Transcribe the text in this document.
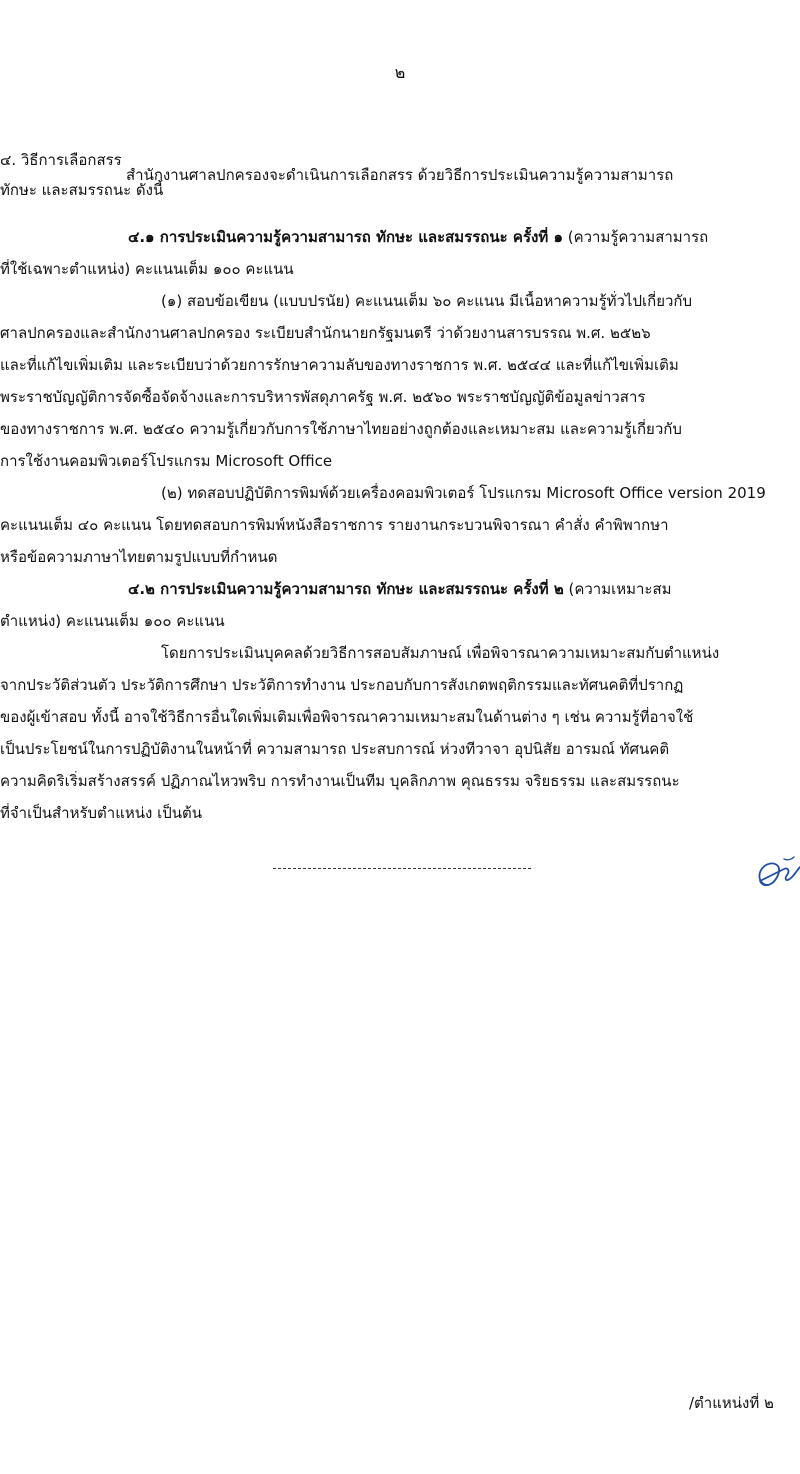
๒
๔. วิธีการเลือกสรร
สำนักงานศาลปกครองจะดำเนินการเลือกสรร ด้วยวิธีการประเมินความรู้ความสามารถ
ทักษะ และสมรรถนะ ดังนี้
๔.๑ การประเมินความรู้ความสามารถ ทักษะ และสมรรถนะ ครั้งที่ ๑ (ความรู้ความสามารถ
ที่ใช้เฉพาะตำแหน่ง) คะแนนเต็ม ๑๐๐ คะแนน
(๑) สอบข้อเขียน (แบบปรนัย) คะแนนเต็ม ๖๐ คะแนน มีเนื้อหาความรู้ทั่วไปเกี่ยวกับ
ศาลปกครองและสำนักงานศาลปกครอง ระเบียบสำนักนายกรัฐมนตรี ว่าด้วยงานสารบรรณ พ.ศ. ๒๕๒๖
และที่แก้ไขเพิ่มเติม และระเบียบว่าด้วยการรักษาความลับของทางราชการ พ.ศ. ๒๕๔๔ และที่แก้ไขเพิ่มเติม
พระราชบัญญัติการจัดซื้อจัดจ้างและการบริหารพัสดุภาครัฐ พ.ศ. ๒๕๖๐ พระราชบัญญัติข้อมูลข่าวสาร
ของทางราชการ พ.ศ. ๒๕๔๐ ความรู้เกี่ยวกับการใช้ภาษาไทยอย่างถูกต้องและเหมาะสม และความรู้เกี่ยวกับ
การใช้งานคอมพิวเตอร์โปรแกรม Microsoft Office
(๒) ทดสอบปฏิบัติการพิมพ์ด้วยเครื่องคอมพิวเตอร์ โปรแกรม Microsoft Office version 2019
คะแนนเต็ม ๔๐ คะแนน โดยทดสอบการพิมพ์หนังสือราชการ รายงานกระบวนพิจารณา คำสั่ง คำพิพากษา
หรือข้อความภาษาไทยตามรูปแบบที่กำหนด
๔.๒ การประเมินความรู้ความสามารถ ทักษะ และสมรรถนะ ครั้งที่ ๒ (ความเหมาะสม
ตำแหน่ง) คะแนนเต็ม ๑๐๐ คะแนน
โดยการประเมินบุคคลด้วยวิธีการสอบสัมภาษณ์ เพื่อพิจารณาความเหมาะสมกับตำแหน่ง
จากประวัติส่วนตัว ประวัติการศึกษา ประวัติการทำงาน ประกอบกับการสังเกตพฤติกรรมและทัศนคติที่ปรากฏ
ของผู้เข้าสอบ ทั้งนี้ อาจใช้วิธีการอื่นใดเพิ่มเติมเพื่อพิจารณาความเหมาะสมในด้านต่าง ๆ เช่น ความรู้ที่อาจใช้
เป็นประโยชน์ในการปฏิบัติงานในหน้าที่ ความสามารถ ประสบการณ์ ห่วงทีวาจา อุปนิสัย อารมณ์ ทัศนคติ
ความคิดริเริ่มสร้างสรรค์ ปฏิภาณไหวพริบ การทำงานเป็นทีม บุคลิกภาพ คุณธรรม จริยธรรม และสมรรถนะ
ที่จำเป็นสำหรับตำแหน่ง เป็นต้น
/ตำแหน่งที่ ๒
